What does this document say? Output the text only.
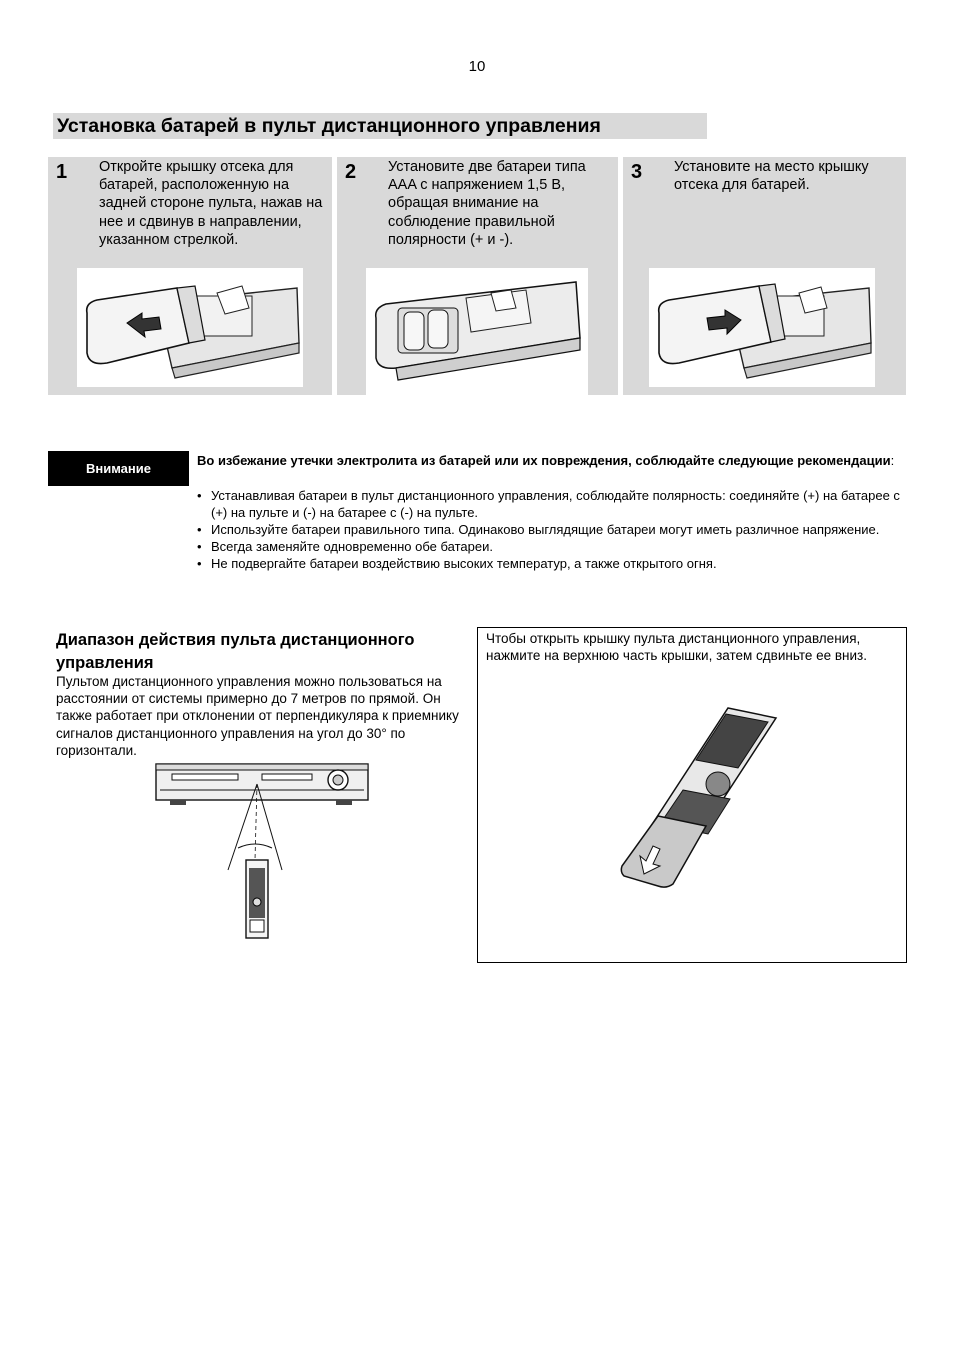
10
Установка батарей в пульт дистанционного управления
1 Откройте крышку отсека для батарей, расположенную на задней стороне пульта, нажав на нее и сдвинув в направлении, указанном стрелкой.
2 Установите две батареи типа AAA с напряжением 1,5 В, обращая внимание на соблюдение правильной полярности (+ и -).
3 Установите на место крышку отсека для батарей.
Внимание
Во избежание утечки электролита из батарей или их повреждения, соблюдайте следующие рекомендации:
• Устанавливая батареи в пульт дистанционного управления, соблюдайте полярность: соединяйте (+) на батарее с (+) на пульте и (-) на батарее с (-) на пульте.
• Используйте батареи правильного типа. Одинаково выглядящие батареи могут иметь различное напряжение.
• Всегда заменяйте одновременно обе батареи.
• Не подвергайте батареи воздействию высоких температур, а также открытого огня.
Диапазон действия пульта дистанционного управления
Пультом дистанционного управления можно пользоваться на расстоянии от системы примерно до 7 метров по прямой. Он также работает при отклонении от перпендикуляра к приемнику сигналов дистанционного управления на угол до 30° по горизонтали.
Чтобы открыть крышку пульта дистанционного управления, нажмите на верхнюю часть крышки, затем сдвиньте ее вниз.
